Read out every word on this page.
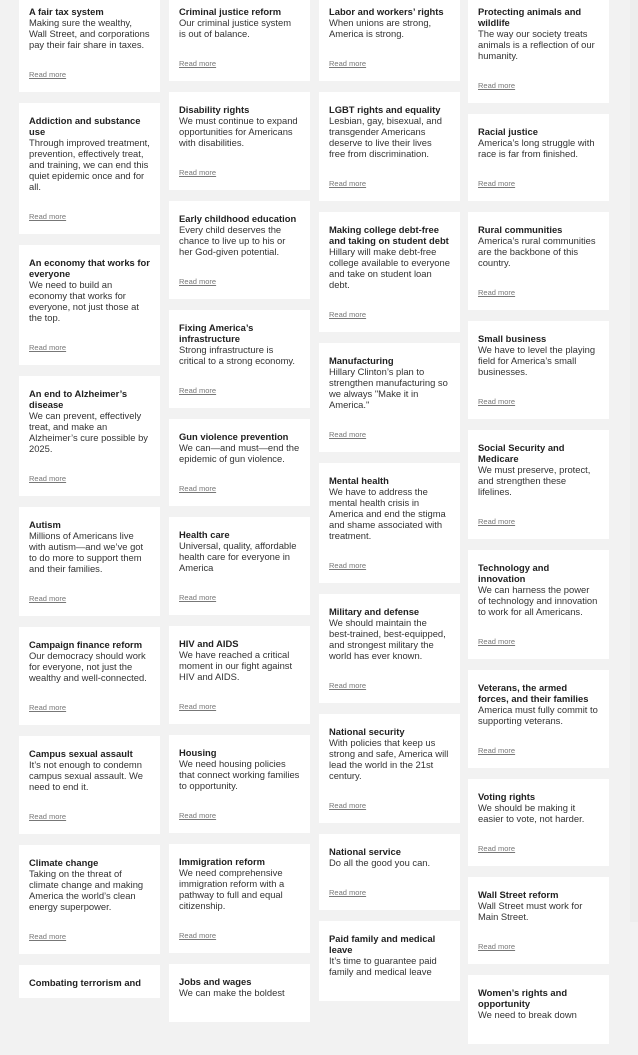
A fair tax system

Making sure the wealthy, Wall Street, and corporations pay their fair share in taxes.

Read more

Addiction and substance use

Through improved treatment, prevention, effectively treat, and training, we can end this quiet epidemic once and for all.

Read more

An economy that works for everyone

We need to build an economy that works for everyone, not just those at the top.

Read more

An end to Alzheimer’s disease

We can prevent, effectively treat, and make an Alzheimer’s cure possible by 2025.

Read more

Autism

Millions of Americans live with autism—and we’ve got to do more to support them and their families.

Read more

Campaign finance reform

Our democracy should work for everyone, not just the wealthy and well-connected.

Read more

Campus sexual assault

It’s not enough to condemn campus sexual assault. We need to end it.

Read more

Climate change

Taking on the threat of climate change and making America the world’s clean energy superpower.

Read more

Combating terrorism and

Criminal justice reform

Our criminal justice system is out of balance.

Read more

Disability rights

We must continue to expand opportunities for Americans with disabilities.

Read more

Early childhood education

Every child deserves the chance to live up to his or her God-given potential.

Read more

Fixing America’s infrastructure

Strong infrastructure is critical to a strong economy.

Read more

Gun violence prevention

We can—and must—end the epidemic of gun violence.

Read more

Health care

Universal, quality, affordable health care for everyone in America

Read more

HIV and AIDS

We have reached a critical moment in our fight against HIV and AIDS.

Read more

Housing

We need housing policies that connect working families to opportunity.

Read more

Immigration reform

We need comprehensive immigration reform with a pathway to full and equal citizenship.

Read more

Jobs and wages

We can make the boldest

Labor and workers’ rights

When unions are strong, America is strong.

Read more

LGBT rights and equality

Lesbian, gay, bisexual, and transgender Americans deserve to live their lives free from discrimination.

Read more

Making college debt-free and taking on student debt

Hillary will make debt-free college available to everyone and take on student loan debt.

Read more

Manufacturing

Hillary Clinton’s plan to strengthen manufacturing so we always "Make it in America."

Read more

Mental health

We have to address the mental health crisis in America and end the stigma and shame associated with treatment.

Read more

Military and defense

We should maintain the best-trained, best-equipped, and strongest military the world has ever known.

Read more

National security

With policies that keep us strong and safe, America will lead the world in the 21st century.

Read more

National service

Do all the good you can.

Read more

Paid family and medical leave

It’s time to guarantee paid family and medical leave

Protecting animals and wildlife

The way our society treats animals is a reflection of our humanity.

Read more

Racial justice

America’s long struggle with race is far from finished.

Read more

Rural communities

America’s rural communities are the backbone of this country.

Read more

Small business

We have to level the playing field for America’s small businesses.

Read more

Social Security and Medicare

We must preserve, protect, and strengthen these lifelines.

Read more

Technology and innovation

We can harness the power of technology and innovation to work for all Americans.

Read more

Veterans, the armed forces, and their families

America must fully commit to supporting veterans.

Read more

Voting rights

We should be making it easier to vote, not harder.

Read more

Wall Street reform

Wall Street must work for Main Street.

Read more

Women’s rights and opportunity

We need to break down
